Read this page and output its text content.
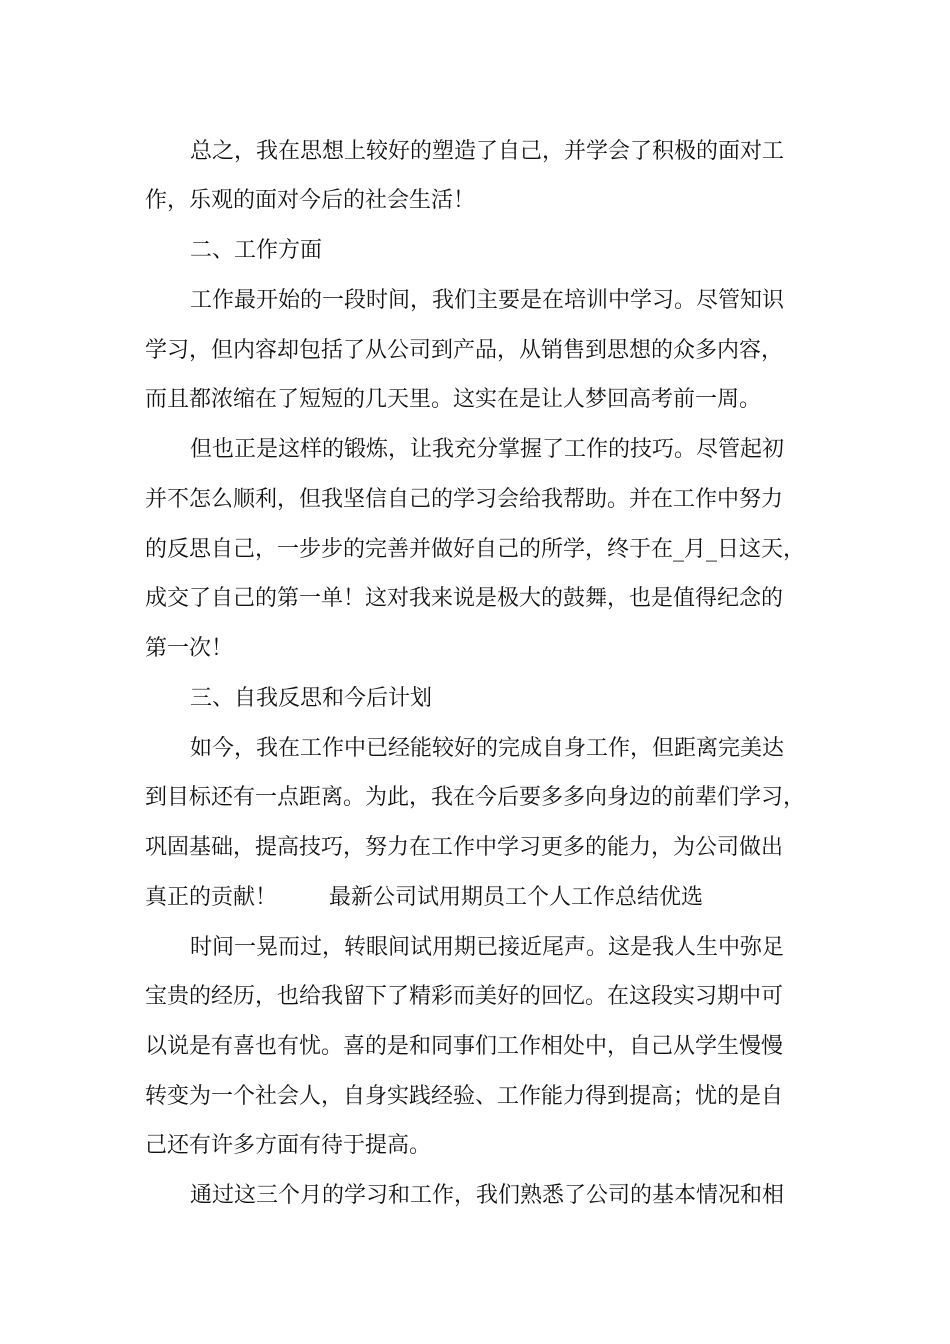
总之，我在思想上较好的塑造了自己，并学会了积极的面对工
作，乐观的面对今后的社会生活！
二、工作方面
工作最开始的一段时间，我们主要是在培训中学习。尽管知识
学习，但内容却包括了从公司到产品，从销售到思想的众多内容，
而且都浓缩在了短短的几天里。这实在是让人梦回高考前一周。
但也正是这样的锻炼，让我充分掌握了工作的技巧。尽管起初
并不怎么顺利，但我坚信自己的学习会给我帮助。并在工作中努力
的反思自己，一步步的完善并做好自己的所学，终于在_月_日这天，
成交了自己的第一单！这对我来说是极大的鼓舞，也是值得纪念的
第一次！
三、自我反思和今后计划
如今，我在工作中已经能较好的完成自身工作，但距离完美达
到目标还有一点距离。为此，我在今后要多多向身边的前辈们学习，
巩固基础，提高技巧，努力在工作中学习更多的能力，为公司做出
真正的贡献！ 最新公司试用期员工个人工作总结优选
时间一晃而过，转眼间试用期已接近尾声。这是我人生中弥足
宝贵的经历，也给我留下了精彩而美好的回忆。在这段实习期中可
以说是有喜也有忧。喜的是和同事们工作相处中，自己从学生慢慢
转变为一个社会人，自身实践经验、工作能力得到提高；忧的是自
己还有许多方面有待于提高。
通过这三个月的学习和工作，我们熟悉了公司的基本情况和相
